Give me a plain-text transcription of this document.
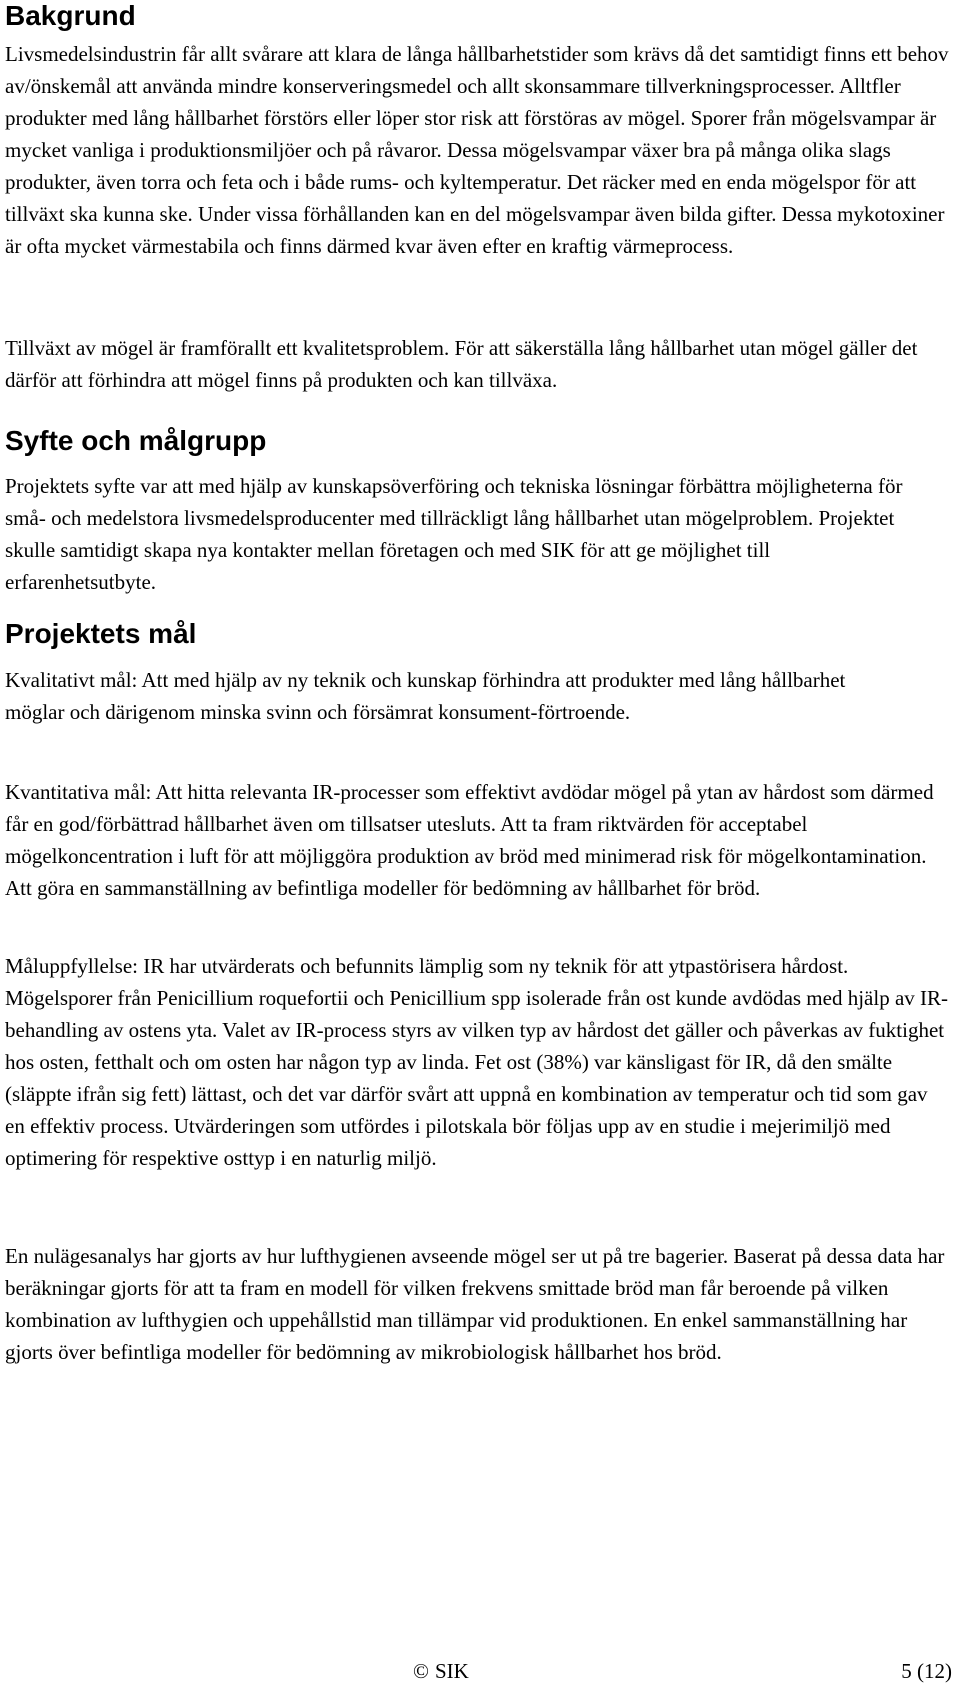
Bakgrund

Livsmedelsindustrin får allt svårare att klara de långa hållbarhetstider som krävs då det samtidigt finns ett behov av/önskemål att använda mindre konserveringsmedel och allt skonsammare tillverkningsprocesser. Alltfler produkter med lång hållbarhet förstörs eller löper stor risk att förstöras av mögel. Sporer från mögelsvampar är mycket vanliga i produktionsmiljöer och på råvaror. Dessa mögelsvampar växer bra på många olika slags produkter, även torra och feta och i både rums- och kyltemperatur. Det räcker med en enda mögelspor för att tillväxt ska kunna ske. Under vissa förhållanden kan en del mögelsvampar även bilda gifter. Dessa mykotoxiner är ofta mycket värmestabila och finns därmed kvar även efter en kraftig värmeprocess.

Tillväxt av mögel är framförallt ett kvalitetsproblem. För att säkerställa lång hållbarhet utan mögel gäller det därför att förhindra att mögel finns på produkten och kan tillväxa.

Syfte och målgrupp

Projektets syfte var att med hjälp av kunskapsöverföring och tekniska lösningar förbättra möjligheterna för små- och medelstora livsmedelsproducenter med tillräckligt lång hållbarhet utan mögelproblem. Projektet skulle samtidigt skapa nya kontakter mellan företagen och med SIK för att ge möjlighet till erfarenhetsutbyte.

Projektets mål

Kvalitativt mål: Att med hjälp av ny teknik och kunskap förhindra att produkter med lång hållbarhet möglar och därigenom minska svinn och försämrat konsument-förtroende.

Kvantitativa mål: Att hitta relevanta IR-processer som effektivt avdödar mögel på ytan av hårdost som därmed får en god/förbättrad hållbarhet även om tillsatser utesluts. Att ta fram riktvärden för acceptabel mögelkoncentration i luft för att möjliggöra produktion av bröd med minimerad risk för mögelkontamination. Att göra en sammanställning av befintliga modeller för bedömning av hållbarhet för bröd.

Måluppfyllelse: IR har utvärderats och befunnits lämplig som ny teknik för att ytpastörisera hårdost. Mögelsporer från Penicillium roquefortii och Penicillium spp isolerade från ost kunde avdödas med hjälp av IR-behandling av ostens yta. Valet av IR-process styrs av vilken typ av hårdost det gäller och påverkas av fuktighet hos osten, fetthalt och om osten har någon typ av linda. Fet ost (38%) var känsligast för IR, då den smälte (släppte ifrån sig fett) lättast, och det var därför svårt att uppnå en kombination av temperatur och tid som gav en effektiv process. Utvärderingen som utfördes i pilotskala bör följas upp av en studie i mejerimiljö med optimering för respektive osttyp i en naturlig miljö.

En nulägesanalys har gjorts av hur lufthygienen avseende mögel ser ut på tre bagerier. Baserat på dessa data har beräkningar gjorts för att ta fram en modell för vilken frekvens smittade bröd man får beroende på vilken kombination av lufthygien och uppehållstid man tillämpar vid produktionen. En enkel sammanställning har gjorts över befintliga modeller för bedömning av mikrobiologisk hållbarhet hos bröd.

© SIK	5 (12)
